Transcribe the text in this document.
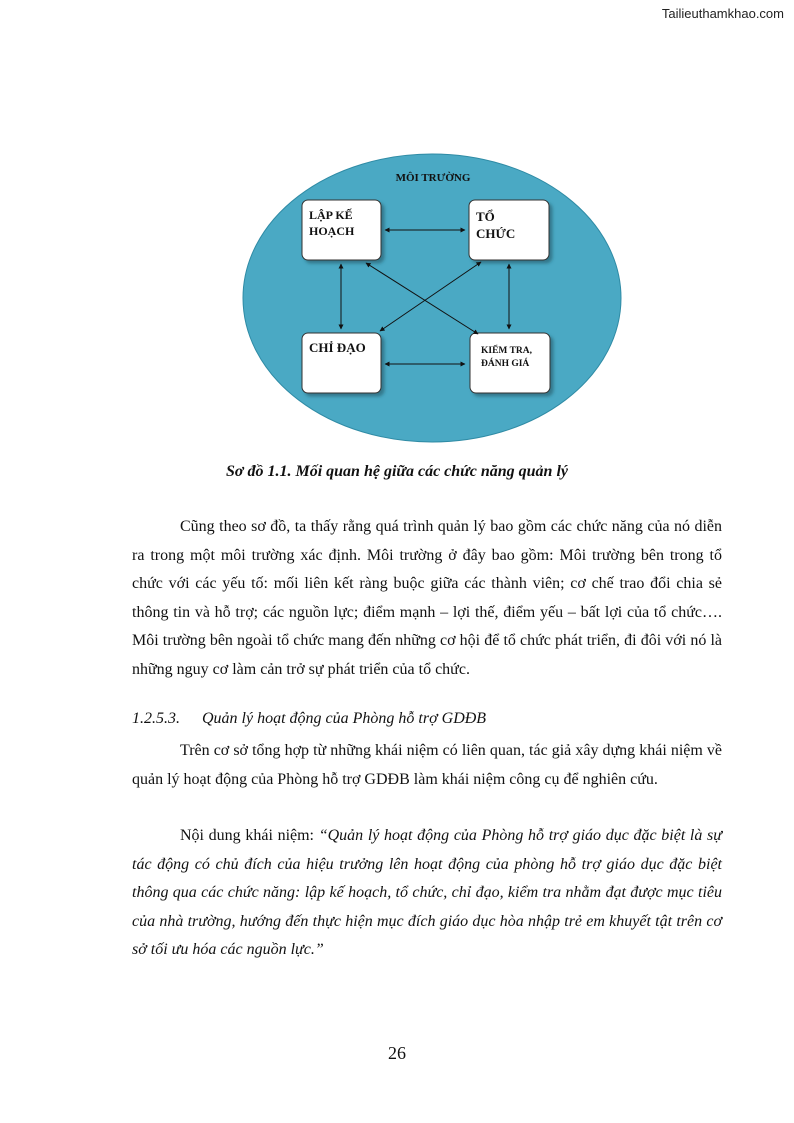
Tailieuthamkhao.com
MÔI TRƯỜNG
LẬP KẾ HOẠCH
TỔ CHỨC
CHỈ ĐẠO	KIỂM TRA, ĐÁNH GIÁ
Sơ đồ 1.1. Mối quan hệ giữa các chức năng quản lý

Cũng theo sơ đồ, ta thấy rằng quá trình quản lý bao gồm các chức năng của nó diễn ra trong một môi trường xác định. Môi trường ở đây bao gồm: Môi trường bên trong tổ chức với các yếu tố: mối liên kết ràng buộc giữa các thành viên; cơ chế trao đổi chia sẻ thông tin và hỗ trợ; các nguồn lực; điểm mạnh – lợi thế, điểm yếu – bất lợi của tổ chức…. Môi trường bên ngoài tổ chức mang đến những cơ hội để tổ chức phát triển, đi đôi với nó là những nguy cơ làm cản trở sự phát triển của tổ chức.

1.2.5.3. Quản lý hoạt động của Phòng hỗ trợ GDĐB

Trên cơ sở tổng hợp từ những khái niệm có liên quan, tác giả xây dựng khái niệm về quản lý hoạt động của Phòng hỗ trợ GDĐB làm khái niệm công cụ để nghiên cứu.

Nội dung khái niệm: “Quản lý hoạt động của Phòng hỗ trợ giáo dục đặc biệt là sự tác động có chủ đích của hiệu trưởng lên hoạt động của phòng hỗ trợ giáo dục đặc biệt thông qua các chức năng: lập kế hoạch, tổ chức, chỉ đạo, kiểm tra nhằm đạt được mục tiêu của nhà trường, hướng đến thực hiện mục đích giáo dục hòa nhập trẻ em khuyết tật trên cơ sở tối ưu hóa các nguồn lực.”

26
